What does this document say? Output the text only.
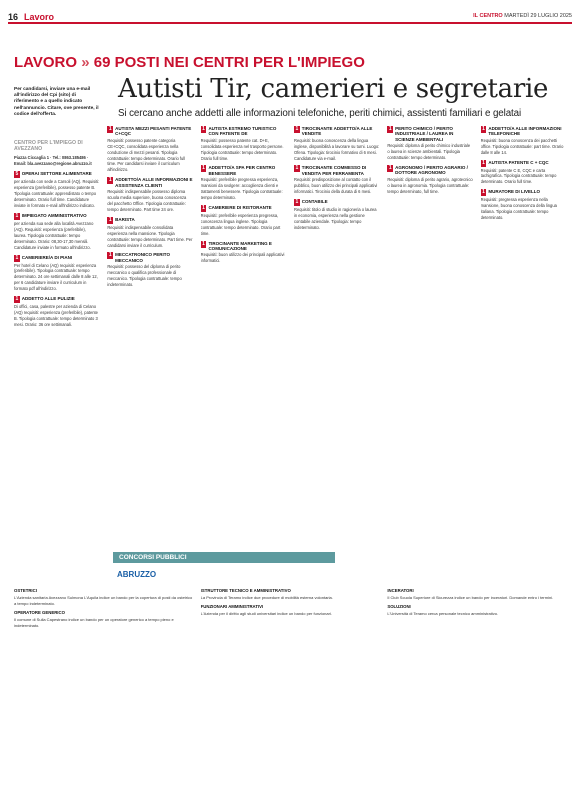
16 Lavoro	IL CENTRO MARTEDÌ 29 LUGLIO 2025
LAVORO » 69 POSTI NEI CENTRI PER L'IMPIEGO
Per candidarsi, inviare una e-mail all'indirizzo del Cpi (sito) di riferimento e a quello indicato nell'annuncio. Citare, ove presente, il codice dell'offerta.
Autisti Tir, camerieri e segretarie
Si cercano anche addetti alle informazioni telefoniche, periti chimici, assistenti familiari e gelatai
CENTRO PER L'IMPIEGO DI AVEZZANO
Piazza Ciccaglia 1 · Tel.: 0863.185486 · Email: bla.avezzano@regione.abruzzo.it
5 OPERAI SETTORE ALIMENTARE

per azienda con sede a Carsoli (AQ). Requisiti: esperienza (preferibile), possesso patente B. Tipologia contrattuale: apprendistato o tempo determinato. Orario full time. Candidature inviate in formato e-mail all'indirizzo indicato.

1 IMPIEGATO AMMINISTRATIVO

per azienda sua sede alla località Avezzano (AQ). Requisiti: esperienza (preferibile), laurea. Tipologia contrattuale: tempo determinato. Orario: 08,30-17,30 mensili. Candidature inviate in formato all'indirizzo.

1 CAMERIERE/A DI PIANI

Per hotel di Celano (AQ) requisiti: esperienza (preferibile). Tipologia contrattuale: tempo determinato. 24 ore settimanali dalle 8 alle 12, per 6 candidature inviare il curriculum in formato pdf all'indirizzo.

1 ADDETTO ALLE PULIZIE

Di offici, casa, palestre per azienda di Celano (AQ) requisiti: esperienza (preferibile), patente B. Tipologia contrattuale: tempo determinato 3 mesi. Orario: 36 ore settimanali.

1 AUTISTA MEZZI PESANTI PATENTE C+CQC

Requisiti: possesso patente categoria CE+CQC, consolidata esperienza nella conduzione di mezzi pesanti. Tipologia contrattuale: tempo determinato. Orario full time. Per candidarsi inviare il curriculum all'indirizzo.

1 ADDETTO/A ALLE INFORMAZIONI E ASSISTENZA CLIENTI

Requisiti: indispensabile possesso diploma scuola media superiore, buona conoscenza del pacchetto Office. Tipologia contrattuale: tempo determinato. Part time 24 ore.

1 BARISTA

Requisiti: indispensabile consolidata esperienza nella mansione. Tipologia contrattuale: tempo determinato. Part time. Per candidarsi inviare il curriculum.

1 MECCATRONICO PERITO MECCANICO

Requisiti: possesso del diploma di perito meccanico o qualifica professionale di meccanico. Tipologia contrattuale: tempo indeterminato.

1 AUTISTA ESTREMO TURISTICO CON PATENTE DE

Requisiti: possesso patente cat. D+E, consolidata esperienza nel trasporto persone. Tipologia contrattuale: tempo determinato. Orario full time.

1 ADDETTO/A SPA PER CENTRO BENESSERE

Requisiti: preferibile pregressa esperienza, mansioni da svolgere: accoglienza clienti e trattamenti benessere. Tipologia contrattuale: tempo determinato.

1 CAMERIERE DI RISTORANTE

Requisiti: preferibile esperienza pregressa, conoscenza lingua inglese. Tipologia contrattuale: tempo determinato. Orario part time.

1 TIROCINANTE MARKETING E COMUNICAZIONE

Requisiti: buon utilizzo dei principali applicativi informatici.

1 TIROCINANTE ADDETTO/A ALLE VENDITE

Requisiti: buona conoscenza della lingua inglese, disponibilità a lavorare su turni. Luogo: Ofena. Tipologia: tirocinio formativo di 6 mesi. Candidature via e-mail.

1 TIROCINANTE COMMESSO DI VENDITA PER FERRAMENTA

Requisiti: predisposizione al contatto con il pubblico, buon utilizzo dei principali applicativi informatici. Tirocinio della durata di 6 mesi.

1 CONTABILE

Requisiti: titolo di studio in ragioneria o laurea in economia, esperienza nella gestione contabile aziendale. Tipologia: tempo indeterminato.

1 PERITO CHIMICO / PERITO INDUSTRIALE / LAUREA IN SCIENZE AMBIENTALI

Requisiti: diploma di perito chimico industriale o laurea in scienze ambientali. Tipologia contrattuale: tempo determinato.

1 AGRONOMO / PERITO AGRARIO / DOTTORE AGRONOMO

Requisiti: diploma di perito agrario, agrotecnico o laurea in agronomia. Tipologia contrattuale: tempo determinato, full time.

1 ADDETTO/A ALLE INFORMAZIONI TELEFONICHE

Requisiti: buona conoscenza dei pacchetti office. Tipologia contrattuale: part time. Orario dalle 8 alle 14.

1 AUTISTA PATENTE C + CQC

Requisiti: patente C E, CQC e carta tachigrafica. Tipologia contrattuale: tempo determinato. Orario full time.

1 MURATORE DI LIVELLO

Requisiti: pregressa esperienza nella mansione, buona conoscenza della lingua italiana. Tipologia contrattuale: tempo determinato.

CONCORSI PUBBLICI
ABRUZZO
OSTETRICI

L'Azienda sanitaria Avezzano Sulmona L'Aquila indice un bando per la copertura di posti da ostetrico a tempo indeterminato.

OPERATORE GENERICO

Il comune di Sulla Capestrano indice un bando per un operatore generico a tempo pieno e indeterminato.

ISTRUTTORE TECNICO E AMMINISTRATIVO

La Provincia di Teramo indice due procedure di mobilità esterna volontaria.

FUNZIONARI AMMINISTRATIVI

L'Azienda per il diritto agli studi universitari indice un bando per funzionari.

INCERATORI

Il Club Scuola Superiore di Sicurezza indice un bando per inceratori. Domande entro i termini.

SOLUZIONI

L'Università di Teramo cerca personale tecnico amministrativo.
